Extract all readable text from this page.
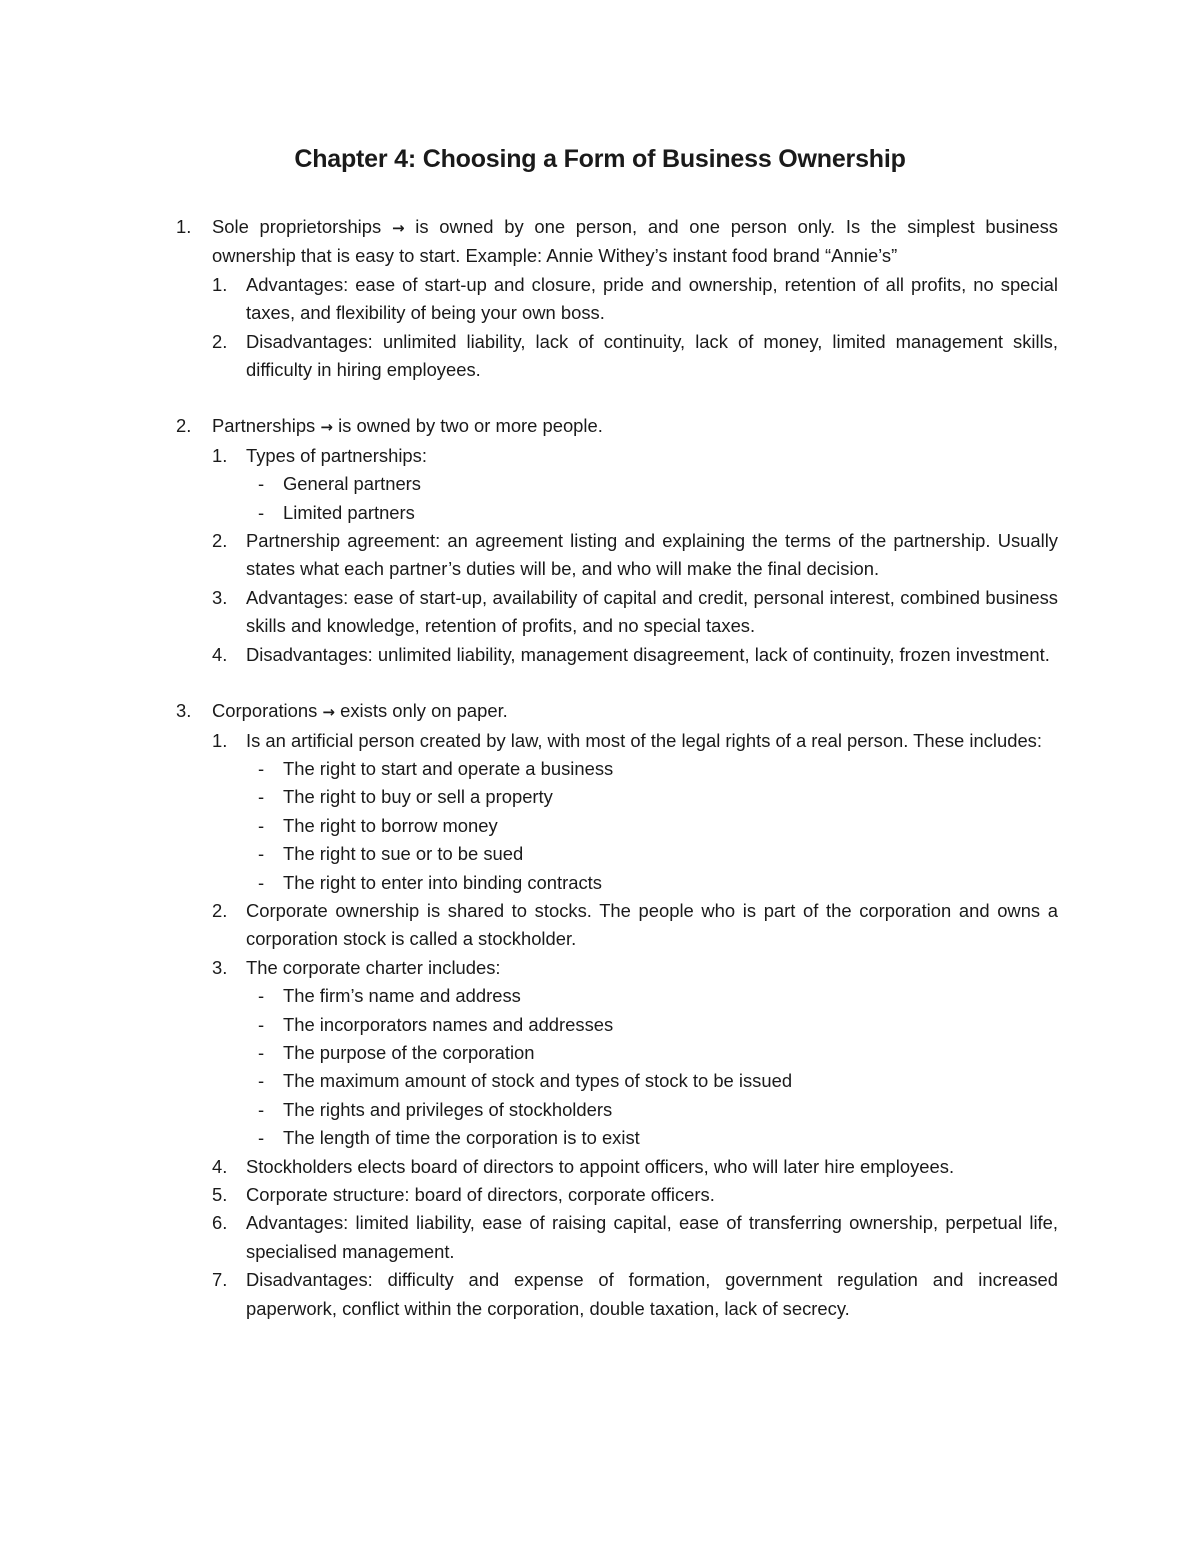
Chapter 4: Choosing a Form of Business Ownership
1.	Sole proprietorships → is owned by one person, and one person only. Is the simplest business ownership that is easy to start. Example: Annie Withey’s instant food brand “Annie’s”
1.	Advantages: ease of start-up and closure, pride and ownership, retention of all profits, no special taxes, and flexibility of being your own boss.
2.	Disadvantages: unlimited liability, lack of continuity, lack of money, limited management skills, difficulty in hiring employees.
2.	Partnerships → is owned by two or more people.
1.	Types of partnerships:
- General partners
- Limited partners
2.	Partnership agreement: an agreement listing and explaining the terms of the partnership. Usually states what each partner’s duties will be, and who will make the final decision.
3.	Advantages: ease of start-up, availability of capital and credit, personal interest, combined business skills and knowledge, retention of profits, and no special taxes.
4.	Disadvantages: unlimited liability, management disagreement, lack of continuity, frozen investment.
3.	Corporations → exists only on paper.
1.	Is an artificial person created by law, with most of the legal rights of a real person. These includes:
- The right to start and operate a business
- The right to buy or sell a property
- The right to borrow money
- The right to sue or to be sued
- The right to enter into binding contracts
2.	Corporate ownership is shared to stocks. The people who is part of the corporation and owns a corporation stock is called a stockholder.
3.	The corporate charter includes:
- The firm’s name and address
- The incorporators names and addresses
- The purpose of the corporation
- The maximum amount of stock and types of stock to be issued
- The rights and privileges of stockholders
- The length of time the corporation is to exist
4.	Stockholders elects board of directors to appoint officers, who will later hire employees.
5.	Corporate structure: board of directors, corporate officers.
6.	Advantages: limited liability, ease of raising capital, ease of transferring ownership, perpetual life, specialised management.
7.	Disadvantages: difficulty and expense of formation, government regulation and increased paperwork, conflict within the corporation, double taxation, lack of secrecy.
